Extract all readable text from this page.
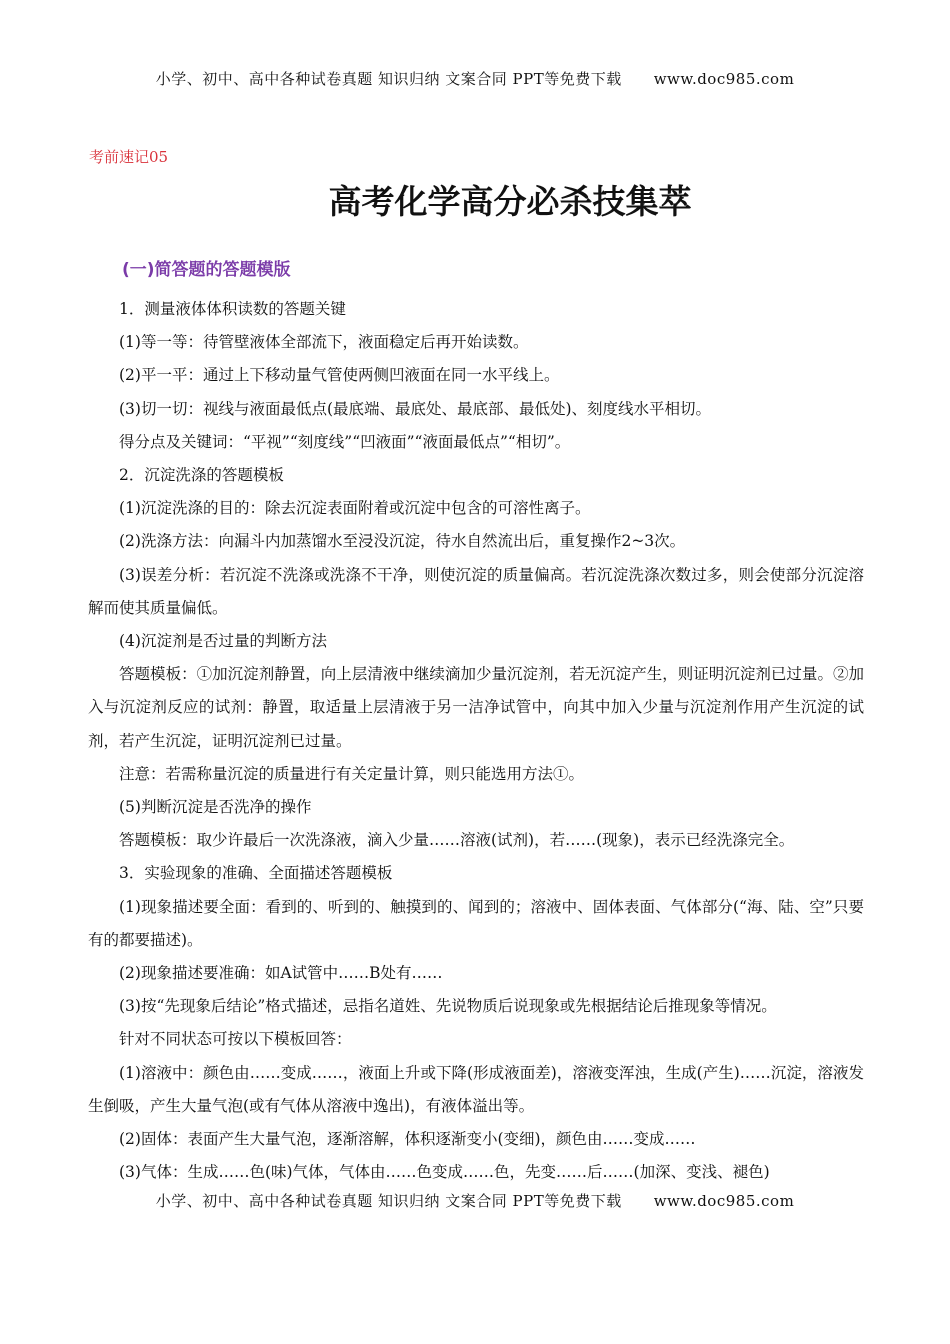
小学、初中、高中各种试卷真题 知识归纳 文案合同 PPT等免费下载 www.doc985.com
考前速记05
高考化学高分必杀技集萃
(一)简答题的答题模版

1．测量液体体积读数的答题关键

(1)等一等：待管壁液体全部流下，液面稳定后再开始读数。

(2)平一平：通过上下移动量气管使两侧凹液面在同一水平线上。

(3)切一切：视线与液面最低点(最底端、最底处、最底部、最低处)、刻度线水平相切。

得分点及关键词：“平视”“刻度线”“凹液面”“液面最低点”“相切”。

2．沉淀洗涤的答题模板

(1)沉淀洗涤的目的：除去沉淀表面附着或沉淀中包含的可溶性离子。

(2)洗涤方法：向漏斗内加蒸馏水至浸没沉淀，待水自然流出后，重复操作2~3次。

(3)误差分析：若沉淀不洗涤或洗涤不干净，则使沉淀的质量偏高。若沉淀洗涤次数过多，则会使部分沉淀溶解而使其质量偏低。

(4)沉淀剂是否过量的判断方法

答题模板：①加沉淀剂静置，向上层清液中继续滴加少量沉淀剂，若无沉淀产生，则证明沉淀剂已过量。②加入与沉淀剂反应的试剂：静置，取适量上层清液于另一洁净试管中，向其中加入少量与沉淀剂作用产生沉淀的试剂，若产生沉淀，证明沉淀剂已过量。

注意：若需称量沉淀的质量进行有关定量计算，则只能选用方法①。

(5)判断沉淀是否洗净的操作

答题模板：取少许最后一次洗涤液，滴入少量……溶液(试剂)，若……(现象)，表示已经洗涤完全。

3．实验现象的准确、全面描述答题模板

(1)现象描述要全面：看到的、听到的、触摸到的、闻到的；溶液中、固体表面、气体部分(“海、陆、空”只要有的都要描述)。

(2)现象描述要准确：如A试管中……B处有……

(3)按“先现象后结论”格式描述，忌指名道姓、先说物质后说现象或先根据结论后推现象等情况。

针对不同状态可按以下模板回答：

(1)溶液中：颜色由……变成……，液面上升或下降(形成液面差)，溶液变浑浊，生成(产生)……沉淀，溶液发生倒吸，产生大量气泡(或有气体从溶液中逸出)，有液体溢出等。

(2)固体：表面产生大量气泡，逐渐溶解，体积逐渐变小(变细)，颜色由……变成……

(3)气体：生成……色(味)气体，气体由……色变成……色，先变……后……(加深、变浅、褪色)

小学、初中、高中各种试卷真题 知识归纳 文案合同 PPT等免费下载 www.doc985.com
